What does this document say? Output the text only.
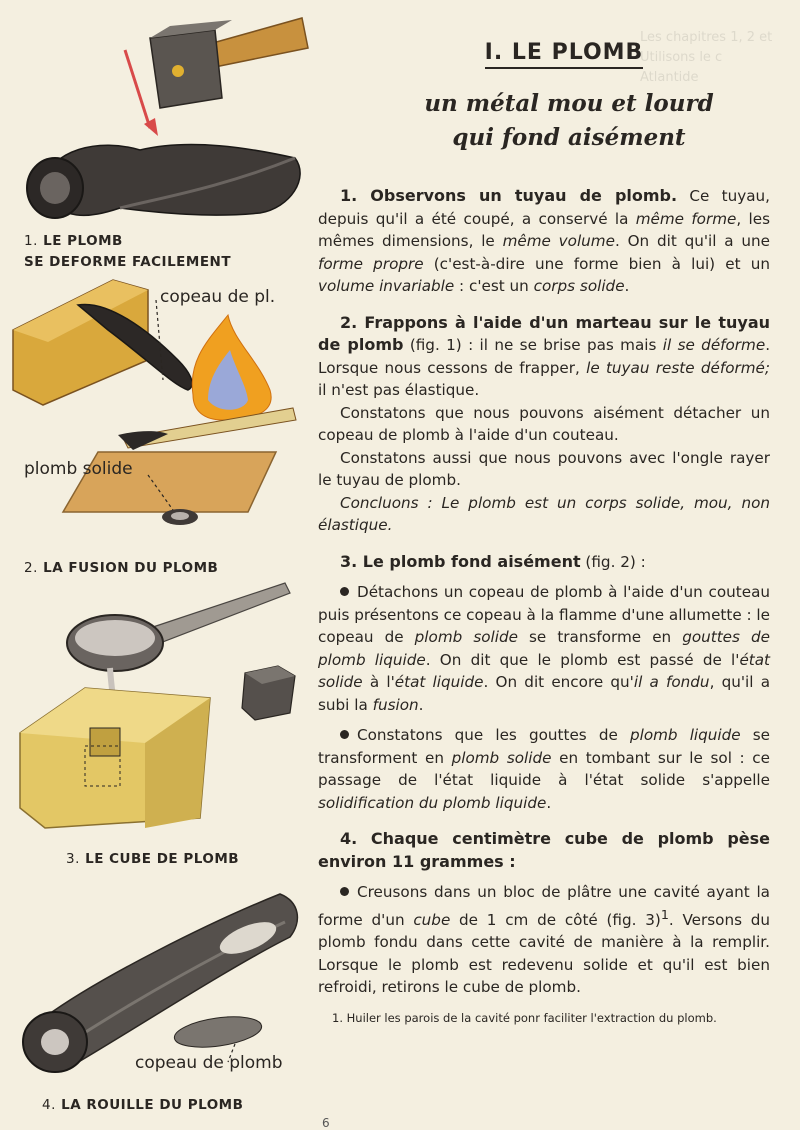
Les chapitres 1, 2 et
Utilisons le c
Atlantide
1. LE PLOMB
SE DEFORME FACILEMENT
copeau de pl.
plomb solide
2. LA FUSION DU PLOMB
3. LE CUBE DE PLOMB
copeau de plomb
4. LA ROUILLE DU PLOMB
I. LE PLOMB
un métal mou et lourd
qui fond aisément

1. Observons un tuyau de plomb. Ce tuyau, depuis qu'il a été coupé, a conservé la même forme, les mêmes dimensions, le même volume. On dit qu'il a une forme propre (c'est-à-dire une forme bien à lui) et un volume invariable : c'est un corps solide.

2. Frappons à l'aide d'un marteau sur le tuyau de plomb (fig. 1) : il ne se brise pas mais il se déforme. Lorsque nous cessons de frapper, le tuyau reste déformé; il n'est pas élastique.

Constatons que nous pouvons aisément détacher un copeau de plomb à l'aide d'un couteau.

Constatons aussi que nous pouvons avec l'ongle rayer le tuyau de plomb.

Concluons : Le plomb est un corps solide, mou, non élastique.

3. Le plomb fond aisément (fig. 2) :

Détachons un copeau de plomb à l'aide d'un couteau puis présentons ce copeau à la flamme d'une allumette : le copeau de plomb solide se transforme en gouttes de plomb liquide. On dit que le plomb est passé de l'état solide à l'état liquide. On dit encore qu'il a fondu, qu'il a subi la fusion.

Constatons que les gouttes de plomb liquide se transforment en plomb solide en tombant sur le sol : ce passage de l'état liquide à l'état solide s'appelle solidification du plomb liquide.

4. Chaque centimètre cube de plomb pèse environ 11 grammes :

Creusons dans un bloc de plâtre une cavité ayant la forme d'un cube de 1 cm de côté (fig. 3)$^1$. Versons du plomb fondu dans cette cavité de manière à la remplir. Lorsque le plomb est redevenu solide et qu'il est bien refroidi, retirons le cube de plomb.

1. Huiler les parois de la cavité ponr faciliter l'extraction du plomb.

6
